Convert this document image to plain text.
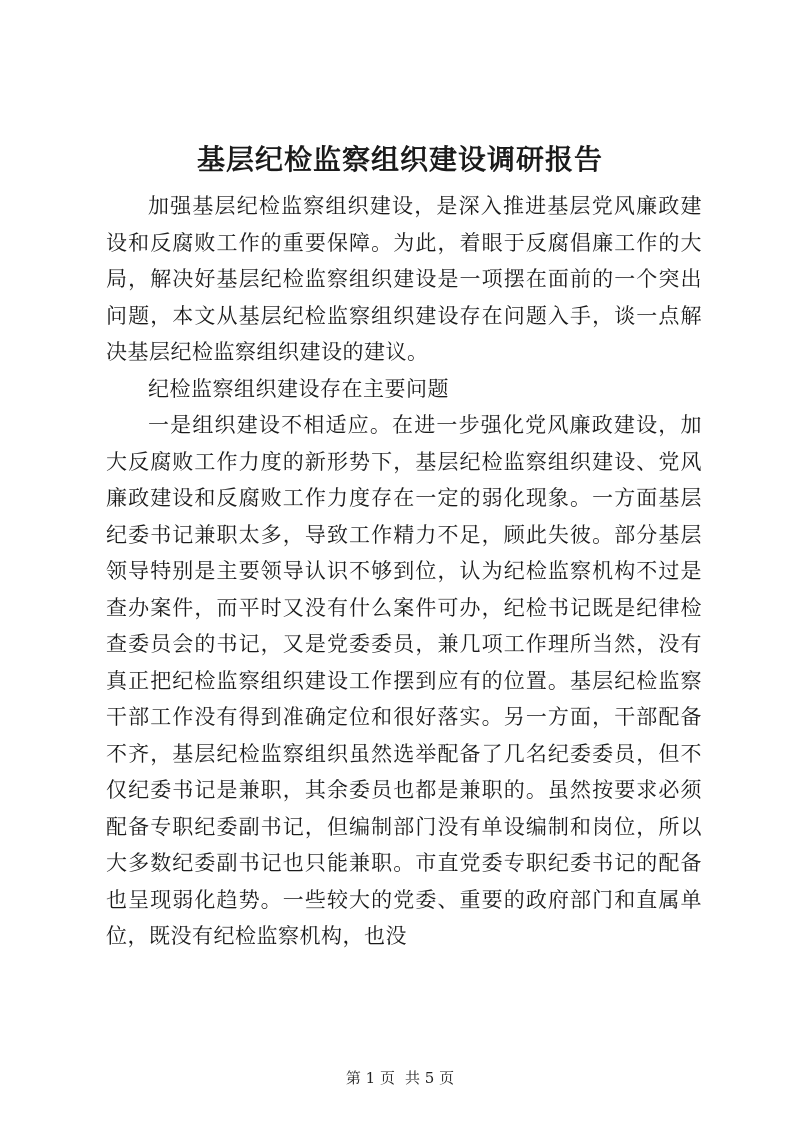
基层纪检监察组织建设调研报告

加强基层纪检监察组织建设，是深入推进基层党风廉政建设和反腐败工作的重要保障。为此，着眼于反腐倡廉工作的大局，解决好基层纪检监察组织建设是一项摆在面前的一个突出问题，本文从基层纪检监察组织建设存在问题入手，谈一点解决基层纪检监察组织建设的建议。

纪检监察组织建设存在主要问题

一是组织建设不相适应。在进一步强化党风廉政建设，加大反腐败工作力度的新形势下，基层纪检监察组织建设、党风廉政建设和反腐败工作力度存在一定的弱化现象。一方面基层纪委书记兼职太多，导致工作精力不足，顾此失彼。部分基层领导特别是主要领导认识不够到位，认为纪检监察机构不过是查办案件，而平时又没有什么案件可办，纪检书记既是纪律检查委员会的书记，又是党委委员，兼几项工作理所当然，没有真正把纪检监察组织建设工作摆到应有的位置。基层纪检监察干部工作没有得到准确定位和很好落实。另一方面，干部配备不齐，基层纪检监察组织虽然选举配备了几名纪委委员，但不仅纪委书记是兼职，其余委员也都是兼职的。虽然按要求必须配备专职纪委副书记，但编制部门没有单设编制和岗位，所以大多数纪委副书记也只能兼职。市直党委专职纪委书记的配备也呈现弱化趋势。一些较大的党委、重要的政府部门和直属单位，既没有纪检监察机构，也没

第 1 页 共 5 页
